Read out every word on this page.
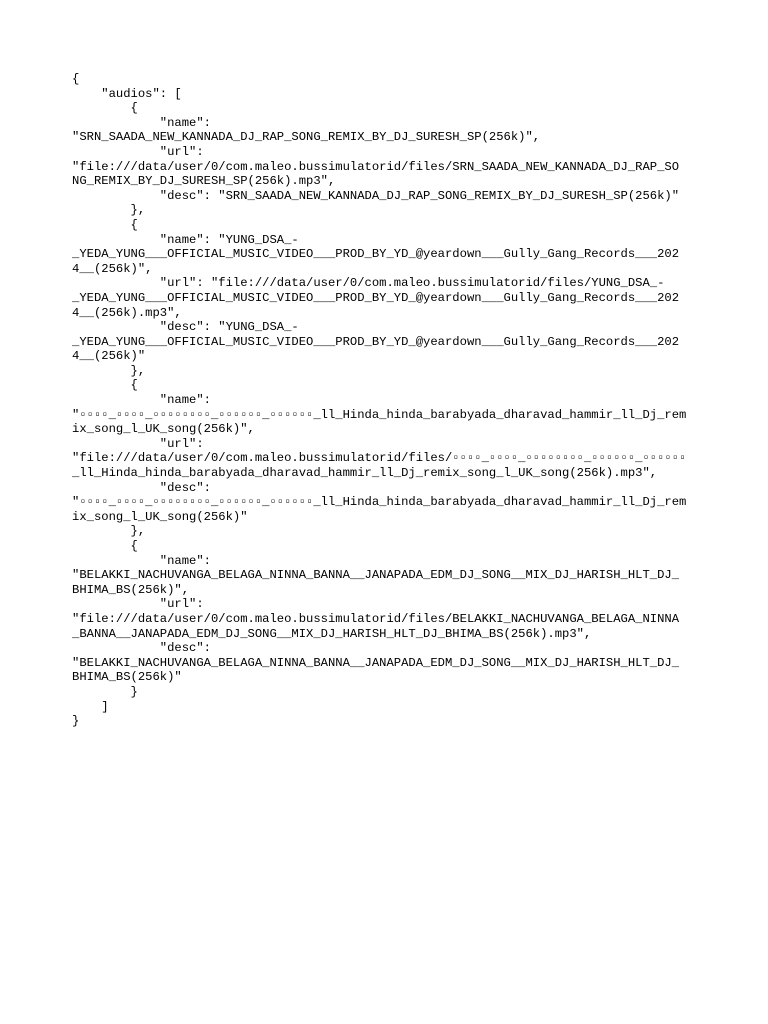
{
"audios": [
{
"name":
"SRN_SAADA_NEW_KANNADA_DJ_RAP_SONG_REMIX_BY_DJ_SURESH_SP(256k)",
"url":
"file:///data/user/0/com.maleo.bussimulatorid/files/SRN_SAADA_NEW_KANNADA_DJ_RAP_SO
NG_REMIX_BY_DJ_SURESH_SP(256k).mp3",
"desc": "SRN_SAADA_NEW_KANNADA_DJ_RAP_SONG_REMIX_BY_DJ_SURESH_SP(256k)"
},
{
"name": "YUNG_DSA_-
_YEDA_YUNG___OFFICIAL_MUSIC_VIDEO___PROD_BY_YD_@yeardown___Gully_Gang_Records___202
4__(256k)",
"url": "file:///data/user/0/com.maleo.bussimulatorid/files/YUNG_DSA_-
_YEDA_YUNG___OFFICIAL_MUSIC_VIDEO___PROD_BY_YD_@yeardown___Gully_Gang_Records___202
4__(256k).mp3",
"desc": "YUNG_DSA_-
_YEDA_YUNG___OFFICIAL_MUSIC_VIDEO___PROD_BY_YD_@yeardown___Gully_Gang_Records___202
4__(256k)"
},
{
"name":
"▫▫▫▫_▫▫▫▫_▫▫▫▫▫▫▫▫_▫▫▫▫▫▫_▫▫▫▫▫▫_ll_Hinda_hinda_barabyada_dharavad_hammir_ll_Dj_rem
ix_song_l_UK_song(256k)",
"url":
"file:///data/user/0/com.maleo.bussimulatorid/files/▫▫▫▫_▫▫▫▫_▫▫▫▫▫▫▫▫_▫▫▫▫▫▫_▫▫▫▫▫▫
_ll_Hinda_hinda_barabyada_dharavad_hammir_ll_Dj_remix_song_l_UK_song(256k).mp3",
"desc":
"▫▫▫▫_▫▫▫▫_▫▫▫▫▫▫▫▫_▫▫▫▫▫▫_▫▫▫▫▫▫_ll_Hinda_hinda_barabyada_dharavad_hammir_ll_Dj_rem
ix_song_l_UK_song(256k)"
},
{
"name":
"BELAKKI_NACHUVANGA_BELAGA_NINNA_BANNA__JANAPADA_EDM_DJ_SONG__MIX_DJ_HARISH_HLT_DJ_
BHIMA_BS(256k)",
"url":
"file:///data/user/0/com.maleo.bussimulatorid/files/BELAKKI_NACHUVANGA_BELAGA_NINNA
_BANNA__JANAPADA_EDM_DJ_SONG__MIX_DJ_HARISH_HLT_DJ_BHIMA_BS(256k).mp3",
"desc":
"BELAKKI_NACHUVANGA_BELAGA_NINNA_BANNA__JANAPADA_EDM_DJ_SONG__MIX_DJ_HARISH_HLT_DJ_
BHIMA_BS(256k)"
}
]
}
